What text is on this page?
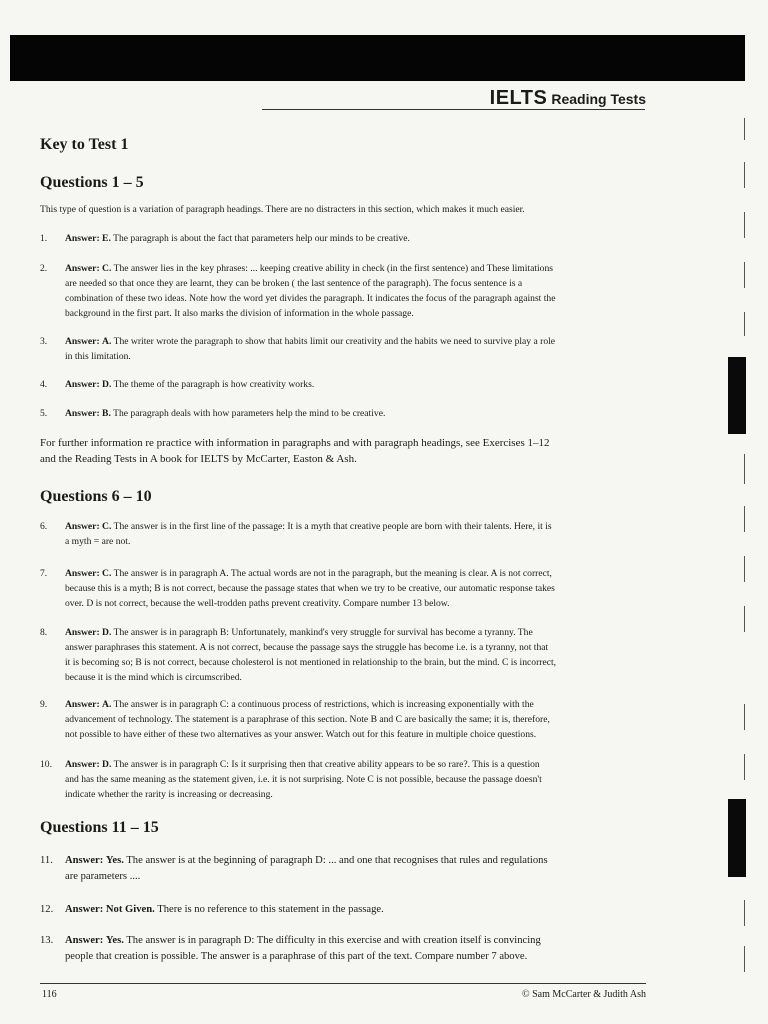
IELTS Reading Tests
Key to Test 1
Questions 1 – 5
This type of question is a variation of paragraph headings. There are no distracters in this section, which makes it much easier.
1. Answer: E. The paragraph is about the fact that parameters help our minds to be creative.
2. Answer: C. The answer lies in the key phrases: ... keeping creative ability in check (in the first sentence) and These limitations
are needed so that once they are learnt, they can be broken ( the last sentence of the paragraph). The focus sentence is a
combination of these two ideas. Note how the word yet divides the paragraph. It indicates the focus of the paragraph against the
background in the first part. It also marks the division of information in the whole passage.
3. Answer: A. The writer wrote the paragraph to show that habits limit our creativity and the habits we need to survive play a role
in this limitation.
4. Answer: D. The theme of the paragraph is how creativity works.
5. Answer: B. The paragraph deals with how parameters help the mind to be creative.
For further information re practice with information in paragraphs and with paragraph headings, see Exercises 1–12
and the Reading Tests in A book for IELTS by McCarter, Easton & Ash.
Questions 6 – 10
6. Answer: C. The answer is in the first line of the passage: It is a myth that creative people are born with their talents. Here, it is
a myth = are not.
7. Answer: C. The answer is in paragraph A. The actual words are not in the paragraph, but the meaning is clear. A is not correct,
because this is a myth; B is not correct, because the passage states that when we try to be creative, our automatic response takes
over. D is not correct, because the well-trodden paths prevent creativity. Compare number 13 below.
8. Answer: D. The answer is in paragraph B: Unfortunately, mankind's very struggle for survival has become a tyranny. The
answer paraphrases this statement. A is not correct, because the passage says the struggle has become i.e. is a tyranny, not that
it is becoming so; B is not correct, because cholesterol is not mentioned in relationship to the brain, but the mind. C is incorrect,
because it is the mind which is circumscribed.
9. Answer: A. The answer is in paragraph C: a continuous process of restrictions, which is increasing exponentially with the
advancement of technology. The statement is a paraphrase of this section. Note B and C are basically the same; it is, therefore,
not possible to have either of these two alternatives as your answer. Watch out for this feature in multiple choice questions.
10. Answer: D. The answer is in paragraph C: Is it surprising then that creative ability appears to be so rare?. This is a question
and has the same meaning as the statement given, i.e. it is not surprising. Note C is not possible, because the passage doesn't
indicate whether the rarity is increasing or decreasing.
Questions 11 – 15
11. Answer: Yes. The answer is at the beginning of paragraph D: ... and one that recognises that rules and regulations
are parameters ....
12. Answer: Not Given. There is no reference to this statement in the passage.
13. Answer: Yes. The answer is in paragraph D: The difficulty in this exercise and with creation itself is convincing
people that creation is possible. The answer is a paraphrase of this part of the text. Compare number 7 above.
116	© Sam McCarter & Judith Ash
